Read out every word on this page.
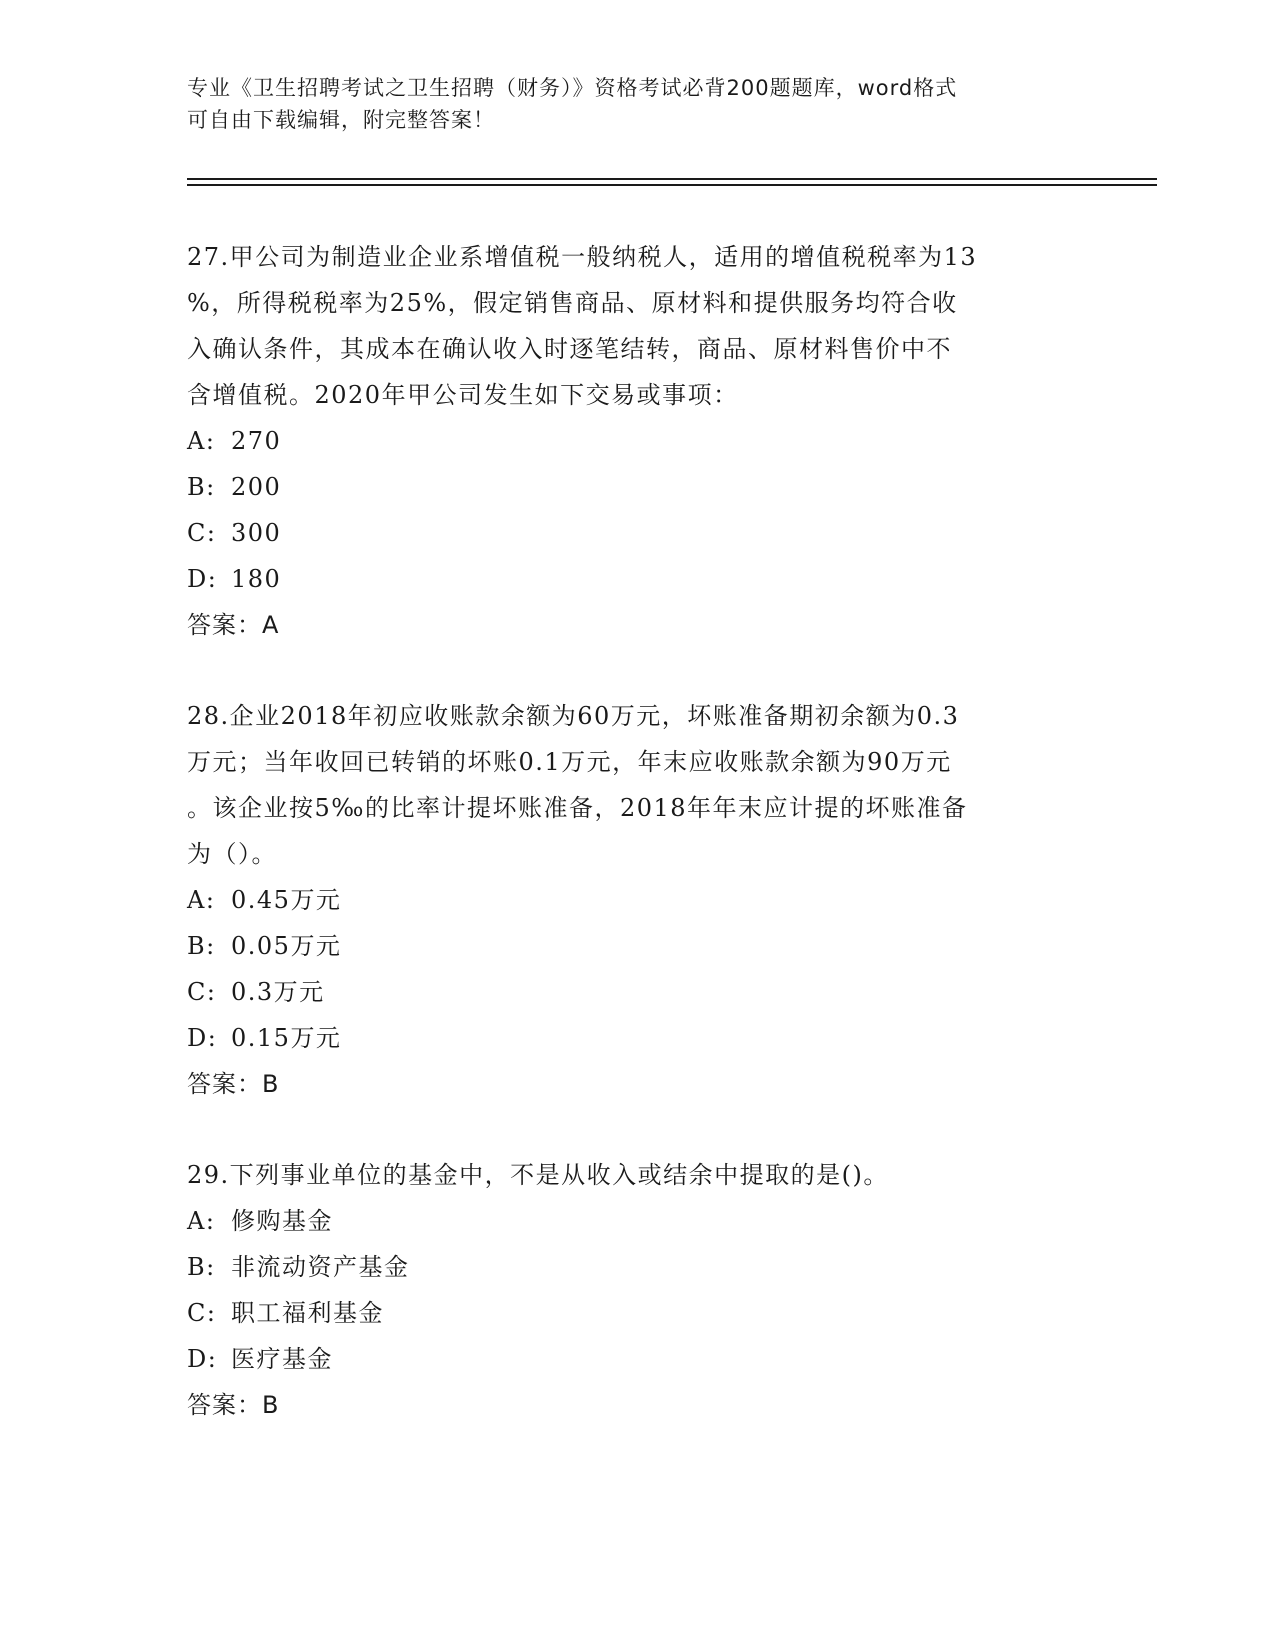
专业《卫生招聘考试之卫生招聘（财务）》资格考试必背200题题库，word格式
可自由下载编辑，附完整答案！
27.甲公司为制造业企业系增值税一般纳税人，适用的增值税税率为13
%，所得税税率为25%，假定销售商品、原材料和提供服务均符合收
入确认条件，其成本在确认收入时逐笔结转，商品、原材料售价中不
含增值税。2020年甲公司发生如下交易或事项：
A: 270
B: 200
C: 300
D: 180
答案：A
28.企业2018年初应收账款余额为60万元，坏账准备期初余额为0.3
万元；当年收回已转销的坏账0.1万元，年末应收账款余额为90万元
。该企业按5‰的比率计提坏账准备，2018年年末应计提的坏账准备
为（）。
A: 0.45万元
B: 0.05万元
C: 0.3万元
D: 0.15万元
答案：B
29.下列事业单位的基金中，不是从收入或结余中提取的是()。
A: 修购基金
B: 非流动资产基金
C: 职工福利基金
D: 医疗基金
答案：B
